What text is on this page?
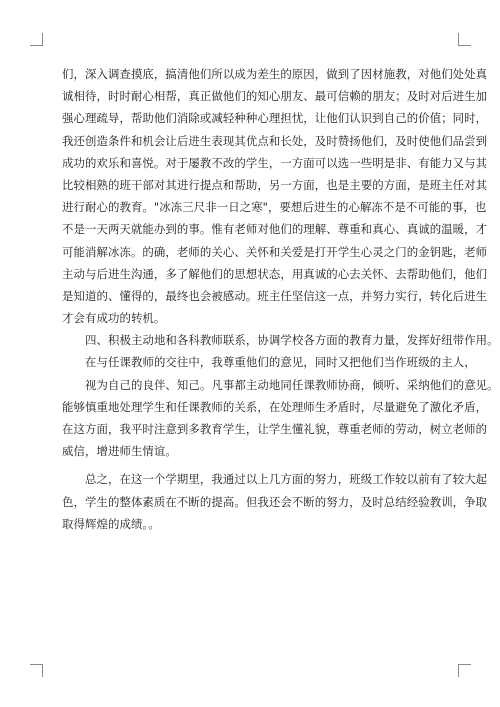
们，深入调查摸底，搞清他们所以成为差生的原因，做到了因材施教，对他们处处真
诚相待，时时耐心相帮，真正做他们的知心朋友、最可信赖的朋友；及时对后进生加
强心理疏导，帮助他们消除或减轻种种心理担忧，让他们认识到自己的价值；同时，
我还创造条件和机会让后进生表现其优点和长处，及时赞扬他们，及时使他们品尝到
成功的欢乐和喜悦。对于屡教不改的学生，一方面可以选一些明是非、有能力又与其
比较相熟的班干部对其进行提点和帮助，另一方面，也是主要的方面，是班主任对其
进行耐心的教育。"冰冻三尺非一日之寒"，要想后进生的心解冻不是不可能的事，也
不是一天两天就能办到的事。惟有老师对他们的理解、尊重和真心、真诚的温暖，才
可能消解冰冻。的确，老师的关心、关怀和关爱是打开学生心灵之门的金钥匙，老师
主动与后进生沟通，多了解他们的思想状态，用真诚的心去关怀、去帮助他们，他们
是知道的、懂得的，最终也会被感动。班主任坚信这一点，并努力实行，转化后进生
才会有成功的转机。
四、积极主动地和各科教师联系，协调学校各方面的教育力量，发挥好纽带作用。
在与任课教师的交往中，我尊重他们的意见，同时又把他们当作班级的主人，
视为自己的良伴、知己。凡事都主动地同任课教师协商，倾听、采纳他们的意见。
能够慎重地处理学生和任课教师的关系，在处理师生矛盾时，尽量避免了激化矛盾，
在这方面，我平时注意到多教育学生，让学生懂礼貌，尊重老师的劳动，树立老师的
威信，增进师生情谊。
总之，在这一个学期里，我通过以上几方面的努力，班级工作较以前有了较大起
色，学生的整体素质在不断的提高。但我还会不断的努力，及时总结经验教训，争取
取得辉煌的成绩。。
